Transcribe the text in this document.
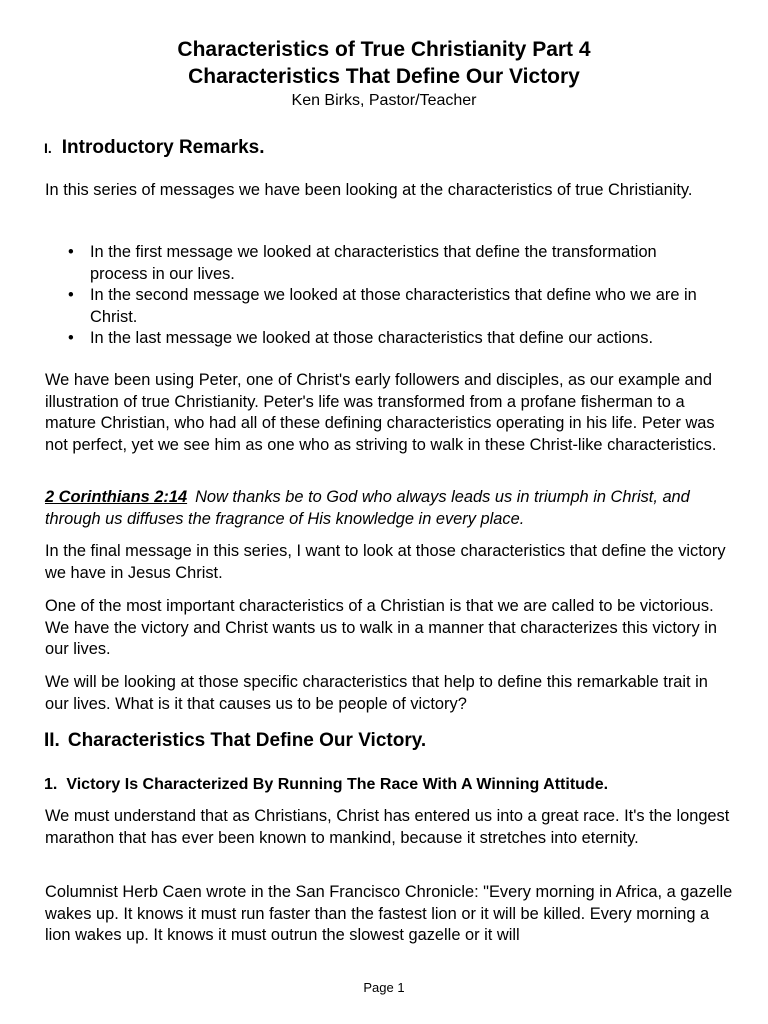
Characteristics of True Christianity Part 4
Characteristics That Define Our Victory
Ken Birks, Pastor/Teacher
I. Introductory Remarks.

In this series of messages we have been looking at the characteristics of true Christianity.

• In the first message we looked at characteristics that define the transformation process in our lives.
• In the second message we looked at those characteristics that define who we are in Christ.
• In the last message we looked at those characteristics that define our actions.

We have been using Peter, one of Christ's early followers and disciples, as our example and illustration of true Christianity. Peter's life was transformed from a profane fisherman to a mature Christian, who had all of these defining characteristics operating in his life. Peter was not perfect, yet we see him as one who as striving to walk in these Christ-like characteristics.

2 Corinthians 2:14 Now thanks be to God who always leads us in triumph in Christ, and through us diffuses the fragrance of His knowledge in every place.

In the final message in this series, I want to look at those characteristics that define the victory we have in Jesus Christ.

One of the most important characteristics of a Christian is that we are called to be victorious. We have the victory and Christ wants us to walk in a manner that characterizes this victory in our lives.

We will be looking at those specific characteristics that help to define this remarkable trait in our lives. What is it that causes us to be people of victory?

II. Characteristics That Define Our Victory.
1. Victory Is Characterized By Running The Race With A Winning Attitude.

We must understand that as Christians, Christ has entered us into a great race. It's the longest marathon that has ever been known to mankind, because it stretches into eternity.

Columnist Herb Caen wrote in the San Francisco Chronicle: "Every morning in Africa, a gazelle wakes up. It knows it must run faster than the fastest lion or it will be killed. Every morning a lion wakes up. It knows it must outrun the slowest gazelle or it will

Page 1
